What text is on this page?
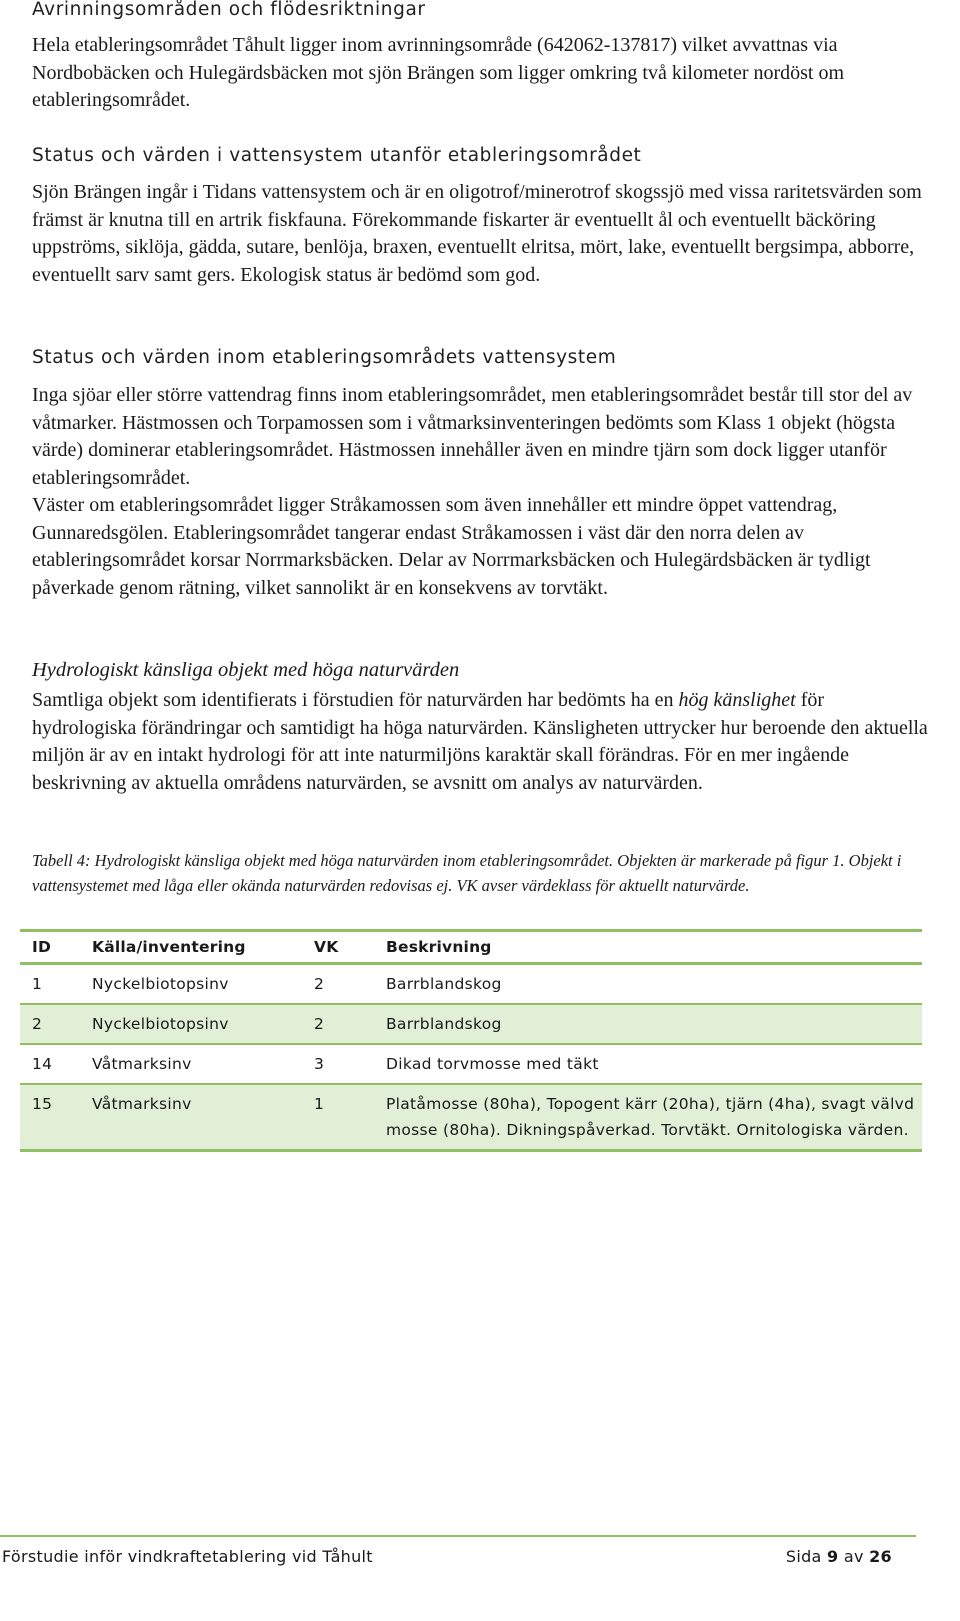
Avrinningsområden och flödesriktningar

Hela etableringsområdet Tåhult ligger inom avrinningsområde (642062-137817) vilket avvattnas via Nordbobäcken och Hulegärdsbäcken mot sjön Brängen som ligger omkring två kilometer nordöst om etableringsområdet.

Status och värden i vattensystem utanför etableringsområdet

Sjön Brängen ingår i Tidans vattensystem och är en oligotrof/minerotrof skogssjö med vissa raritetsvärden som främst är knutna till en artrik fiskfauna. Förekommande fiskarter är eventuellt ål och eventuellt bäcköring uppströms, siklöja, gädda, sutare, benlöja, braxen, eventuellt elritsa, mört, lake, eventuellt bergsimpa, abborre, eventuellt sarv samt gers. Ekologisk status är bedömd som god.

Status och värden inom etableringsområdets vattensystem

Inga sjöar eller större vattendrag finns inom etableringsområdet, men etableringsområdet består till stor del av våtmarker. Hästmossen och Torpamossen som i våtmarksinventeringen bedömts som Klass 1 objekt (högsta värde) dominerar etableringsområdet. Hästmossen innehåller även en mindre tjärn som dock ligger utanför etableringsområdet.

Väster om etableringsområdet ligger Stråkamossen som även innehåller ett mindre öppet vattendrag, Gunnaredsgölen. Etableringsområdet tangerar endast Stråkamossen i väst där den norra delen av etableringsområdet korsar Norrmarksbäcken. Delar av Norrmarksbäcken och Hulegärdsbäcken är tydligt påverkade genom rätning, vilket sannolikt är en konsekvens av torvtäkt.

Hydrologiskt känsliga objekt med höga naturvärden

Samtliga objekt som identifierats i förstudien för naturvärden har bedömts ha en hög känslighet för hydrologiska förändringar och samtidigt ha höga naturvärden. Känsligheten uttrycker hur beroende den aktuella miljön är av en intakt hydrologi för att inte naturmiljöns karaktär skall förändras. För en mer ingående beskrivning av aktuella områdens naturvärden, se avsnitt om analys av naturvärden.

Tabell 4: Hydrologiskt känsliga objekt med höga naturvärden inom etableringsområdet. Objekten är markerade på figur 1. Objekt i vattensystemet med låga eller okända naturvärden redovisas ej. VK avser värdeklass för aktuellt naturvärde.

ID	Källa/inventering	VK	Beskrivning
1	Nyckelbiotopsinv	2	Barrblandskog
2	Nyckelbiotopsinv	2	Barrblandskog
14	Våtmarksinv	3	Dikad torvmosse med täkt
15	Våtmarksinv	1	Platåmosse (80ha), Topogent kärr (20ha), tjärn (4ha), svagt välvd mosse (80ha). Dikningspåverkad. Torvtäkt. Ornitologiska värden.
Förstudie inför vindkraftetablering vid Tåhult	Sida 9 av 26
